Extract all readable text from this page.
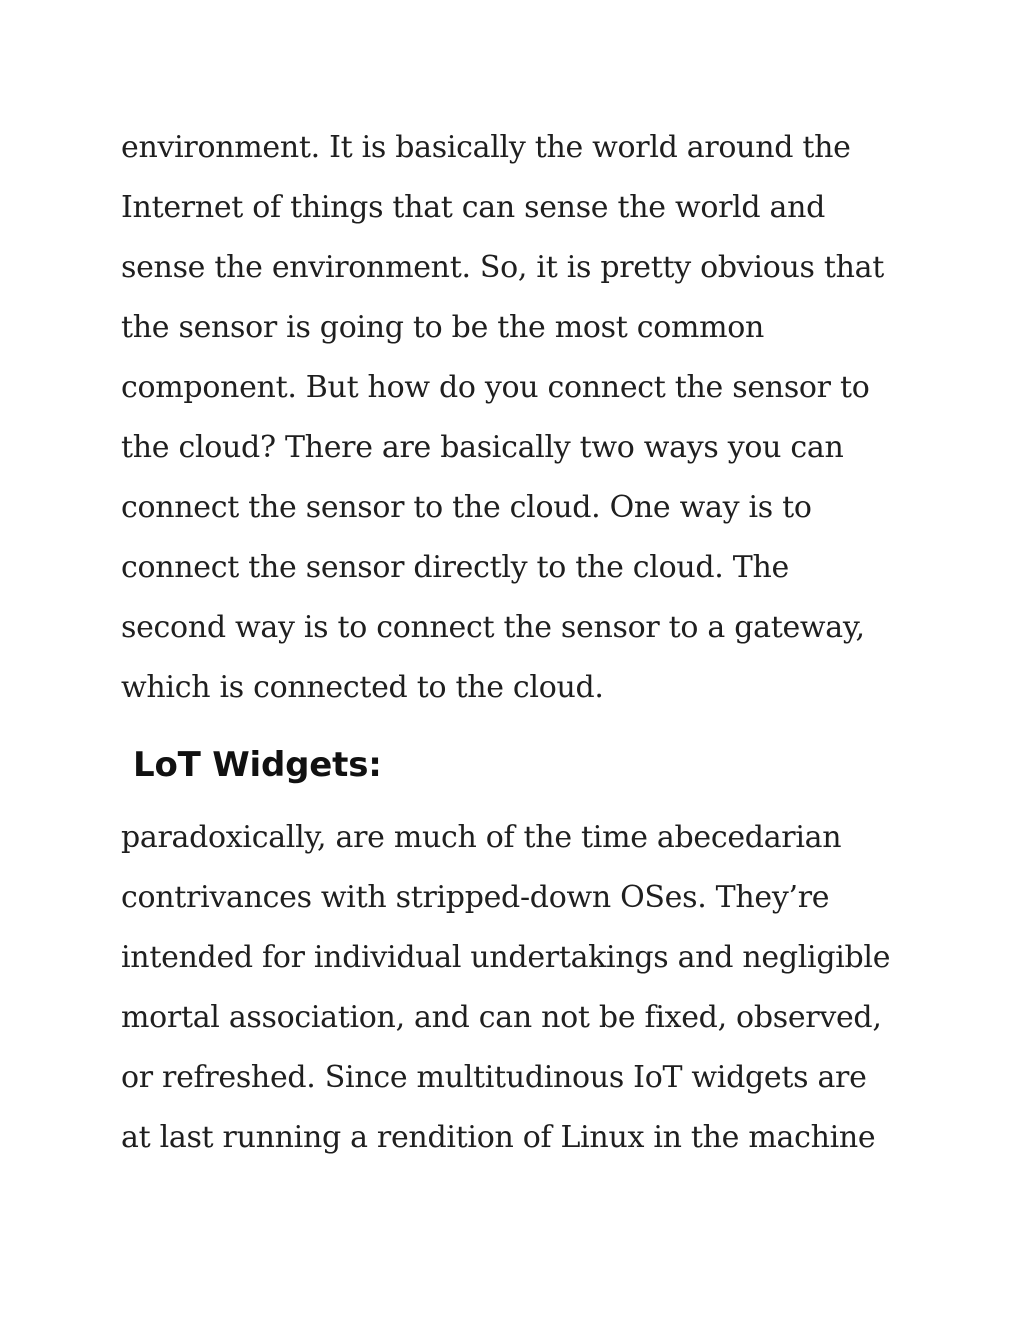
environment. It is basically the world around the
Internet of things that can sense the world and
sense the environment. So, it is pretty obvious that
the sensor is going to be the most common
component. But how do you connect the sensor to
the cloud? There are basically two ways you can
connect the sensor to the cloud. One way is to
connect the sensor directly to the cloud. The
second way is to connect the sensor to a gateway,
which is connected to the cloud.

LoT Widgets:

paradoxically, are much of the time abecedarian
contrivances with stripped-down OSes. They’re
intended for individual undertakings and negligible
mortal association, and can not be fixed, observed,
or refreshed. Since multitudinous IoT widgets are
at last running a rendition of Linux in the machine
